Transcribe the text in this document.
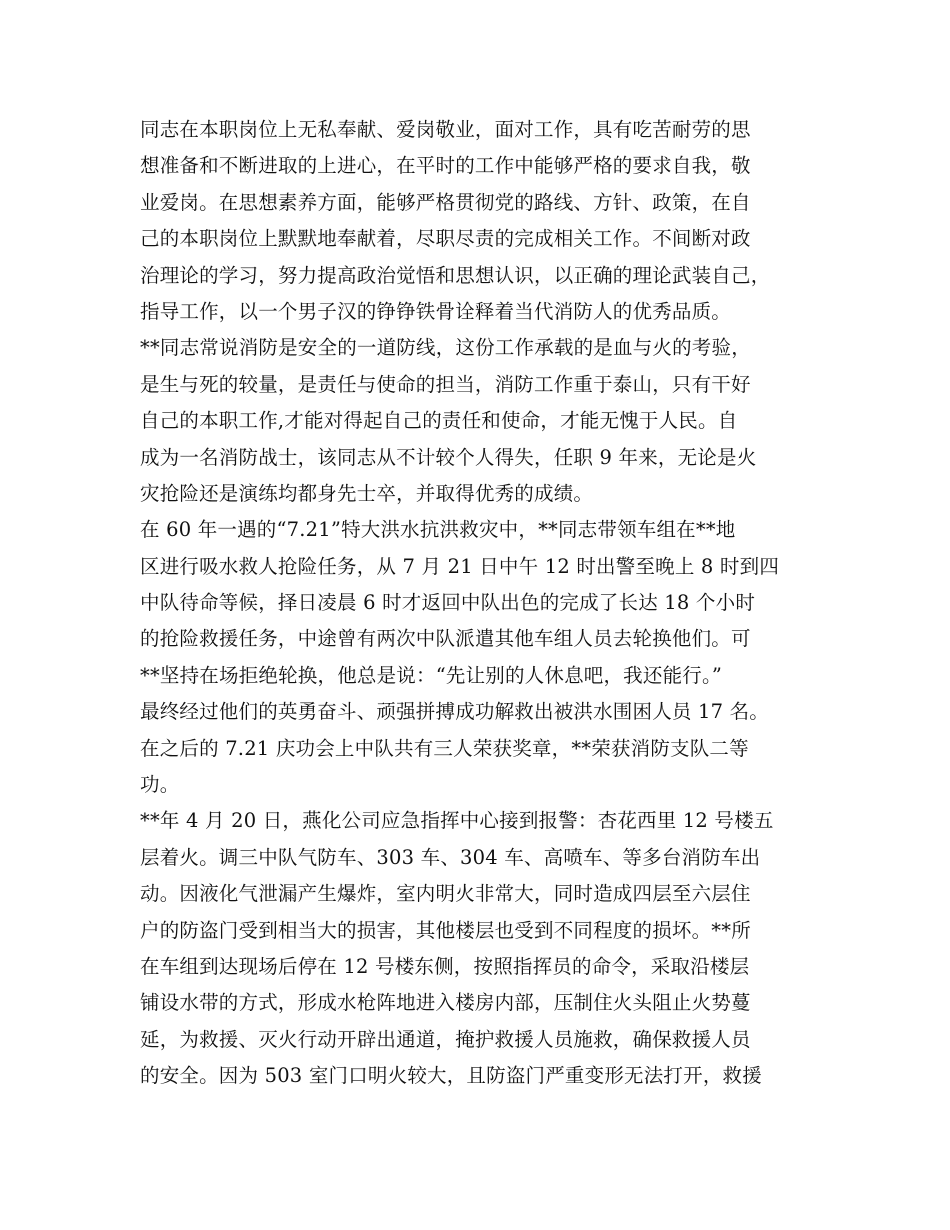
同志在本职岗位上无私奉献、爱岗敬业，面对工作，具有吃苦耐劳的思
想准备和不断进取的上进心，在平时的工作中能够严格的要求自我，敬
业爱岗。在思想素养方面，能够严格贯彻党的路线、方针、政策，在自
己的本职岗位上默默地奉献着，尽职尽责的完成相关工作。不间断对政
治理论的学习，努力提高政治觉悟和思想认识，以正确的理论武装自己，
指导工作，以一个男子汉的铮铮铁骨诠释着当代消防人的优秀品质。
**同志常说消防是安全的一道防线，这份工作承载的是血与火的考验，
是生与死的较量，是责任与使命的担当，消防工作重于泰山，只有干好
自己的本职工作,才能对得起自己的责任和使命，才能无愧于人民。自
成为一名消防战士，该同志从不计较个人得失，任职 9 年来，无论是火
灾抢险还是演练均都身先士卒，并取得优秀的成绩。
在 60 年一遇的“7.21”特大洪水抗洪救灾中，**同志带领车组在**地
区进行吸水救人抢险任务，从 7 月 21 日中午 12 时出警至晚上 8 时到四
中队待命等候，择日凌晨 6 时才返回中队出色的完成了长达 18 个小时
的抢险救援任务，中途曾有两次中队派遣其他车组人员去轮换他们。可
**坚持在场拒绝轮换，他总是说：“先让别的人休息吧，我还能行。”
最终经过他们的英勇奋斗、顽强拼搏成功解救出被洪水围困人员 17 名。
在之后的 7.21 庆功会上中队共有三人荣获奖章，**荣获消防支队二等
功。
**年 4 月 20 日，燕化公司应急指挥中心接到报警：杏花西里 12 号楼五
层着火。调三中队气防车、303 车、304 车、高喷车、等多台消防车出
动。因液化气泄漏产生爆炸，室内明火非常大，同时造成四层至六层住
户的防盗门受到相当大的损害，其他楼层也受到不同程度的损坏。**所
在车组到达现场后停在 12 号楼东侧，按照指挥员的命令，采取沿楼层
铺设水带的方式，形成水枪阵地进入楼房内部，压制住火头阻止火势蔓
延，为救援、灭火行动开辟出通道，掩护救援人员施救，确保救援人员
的安全。因为 503 室门口明火较大，且防盗门严重变形无法打开，救援
